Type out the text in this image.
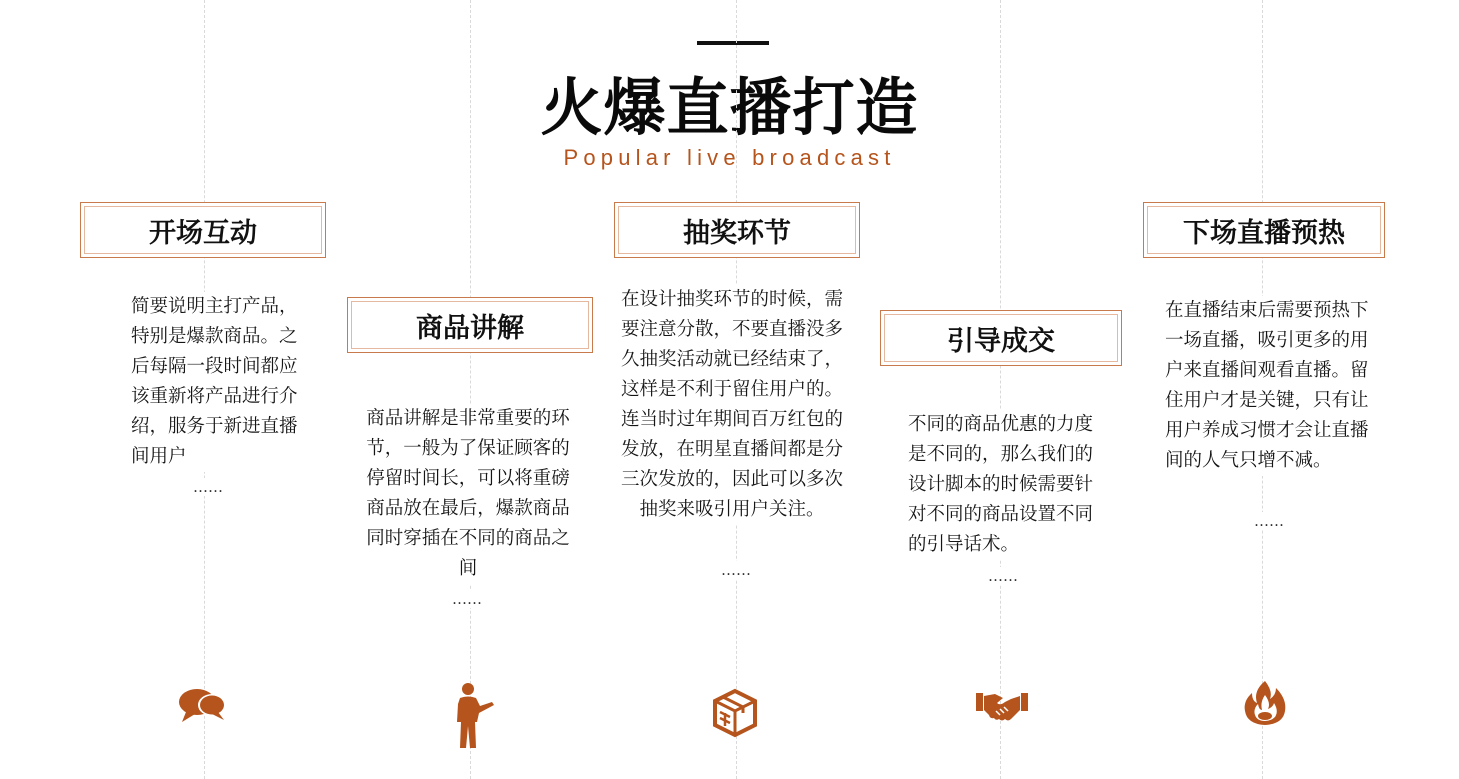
火爆直播打造
Popular live broadcast
开场互动
简要说明主打产品，特别是爆款商品。之后每隔一段时间都应该重新将产品进行介绍，服务于新进直播间用户
……
商品讲解
商品讲解是非常重要的环节，一般为了保证顾客的停留时间长，可以将重磅商品放在最后，爆款商品同时穿插在不同的商品之间
……
抽奖环节
在设计抽奖环节的时候，需要注意分散，不要直播没多久抽奖活动就已经结束了，这样是不利于留住用户的。连当时过年期间百万红包的发放，在明星直播间都是分三次发放的，因此可以多次抽奖来吸引用户关注。
……
引导成交
不同的商品优惠的力度是不同的，那么我们的设计脚本的时候需要针对不同的商品设置不同的引导话术。
……
下场直播预热
在直播结束后需要预热下一场直播，吸引更多的用户来直播间观看直播。留住用户才是关键，只有让用户养成习惯才会让直播间的人气只增不减。
……
